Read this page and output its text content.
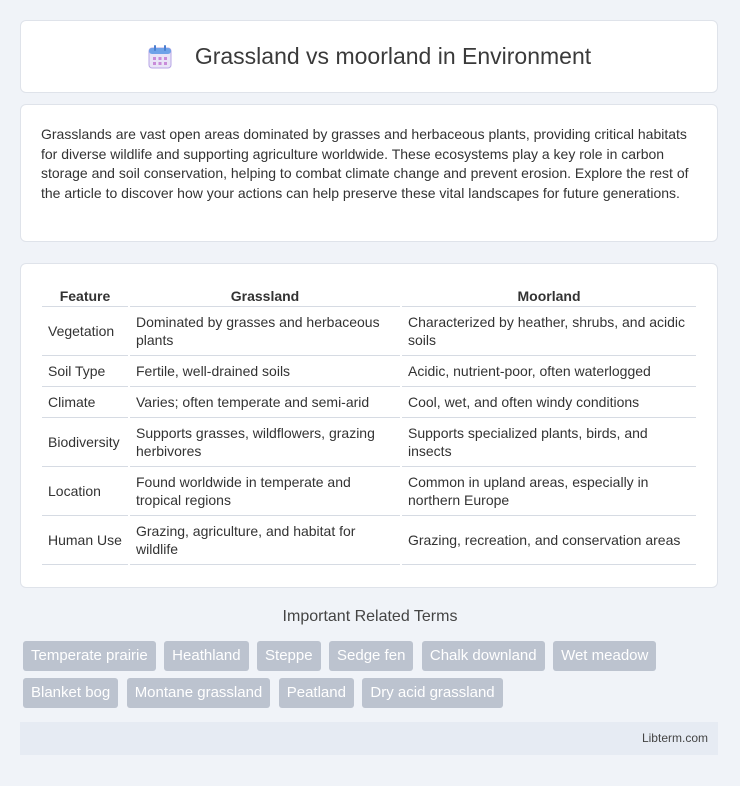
Grassland vs moorland in Environment

Grasslands are vast open areas dominated by grasses and herbaceous plants, providing critical habitats for diverse wildlife and supporting agriculture worldwide. These ecosystems play a key role in carbon storage and soil conservation, helping to combat climate change and prevent erosion. Explore the rest of the article to discover how your actions can help preserve these vital landscapes for future generations.

Feature	Grassland	Moorland
Vegetation	Dominated by grasses and herbaceous plants	Characterized by heather, shrubs, and acidic soils
Soil Type	Fertile, well-drained soils	Acidic, nutrient-poor, often waterlogged
Climate	Varies; often temperate and semi-arid	Cool, wet, and often windy conditions
Biodiversity	Supports grasses, wildflowers, grazing herbivores	Supports specialized plants, birds, and insects
Location	Found worldwide in temperate and tropical regions	Common in upland areas, especially in northern Europe
Human Use	Grazing, agriculture, and habitat for wildlife	Grazing, recreation, and conservation areas
Important Related Terms
Temperate prairie Heathland Steppe Sedge fen Chalk downland Wet meadow Blanket bog Montane grassland Peatland Dry acid grassland
Libterm.com
